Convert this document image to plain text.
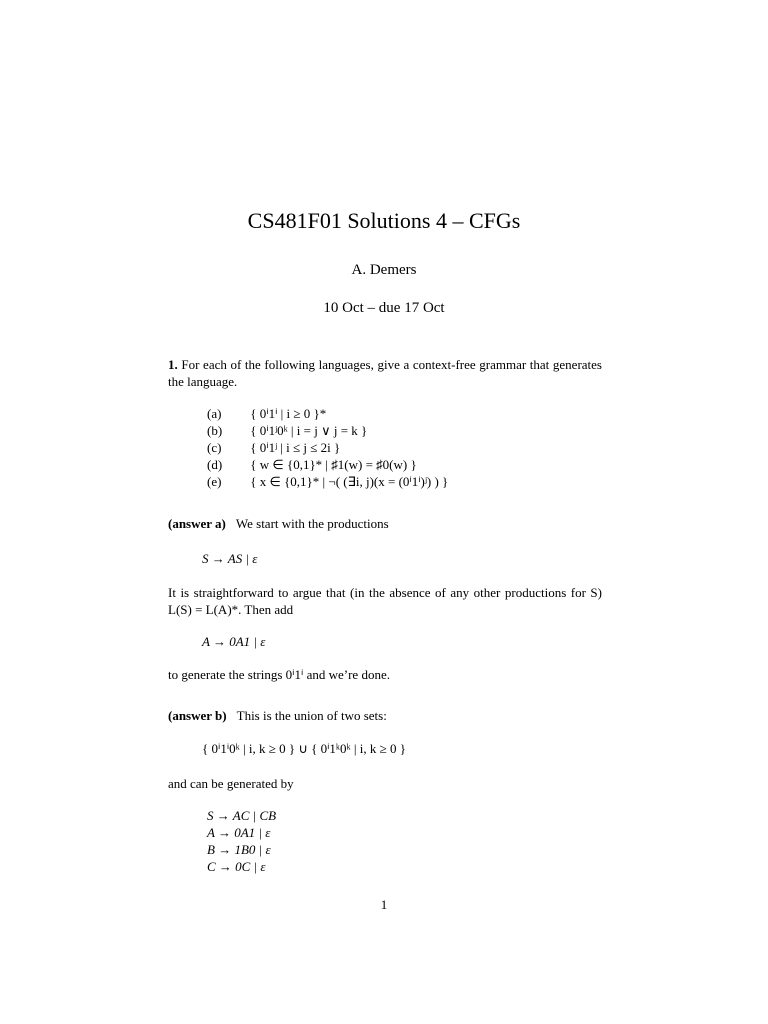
CS481F01 Solutions 4 – CFGs
A. Demers
10 Oct – due 17 Oct
1. For each of the following languages, give a context-free grammar that generates the language.
(a) { 0ⁱ1ⁱ | i ≥ 0 }*
(b) { 0ⁱ1ʲ0ᵏ | i = j ∨ j = k }
(c) { 0ⁱ1ʲ | i ≤ j ≤ 2i }
(d) { w ∈ {0,1}* | ♯1(w) = ♯0(w) }
(e) { x ∈ {0,1}* | ¬( (∃i, j)(x = (0ⁱ1ⁱ)ʲ) ) }
(answer a) We start with the productions
S → AS | ε
It is straightforward to argue that (in the absence of any other productions for S) L(S) = L(A)*. Then add
A → 0A1 | ε
to generate the strings 0ⁱ1ⁱ and we’re done.
(answer b) This is the union of two sets:
{ 0ⁱ1ⁱ0ᵏ | i, k ≥ 0 } ∪ { 0ⁱ1ᵏ0ᵏ | i, k ≥ 0 }
and can be generated by
S → AC | CB
A → 0A1 | ε
B → 1B0 | ε
C → 0C | ε
1
